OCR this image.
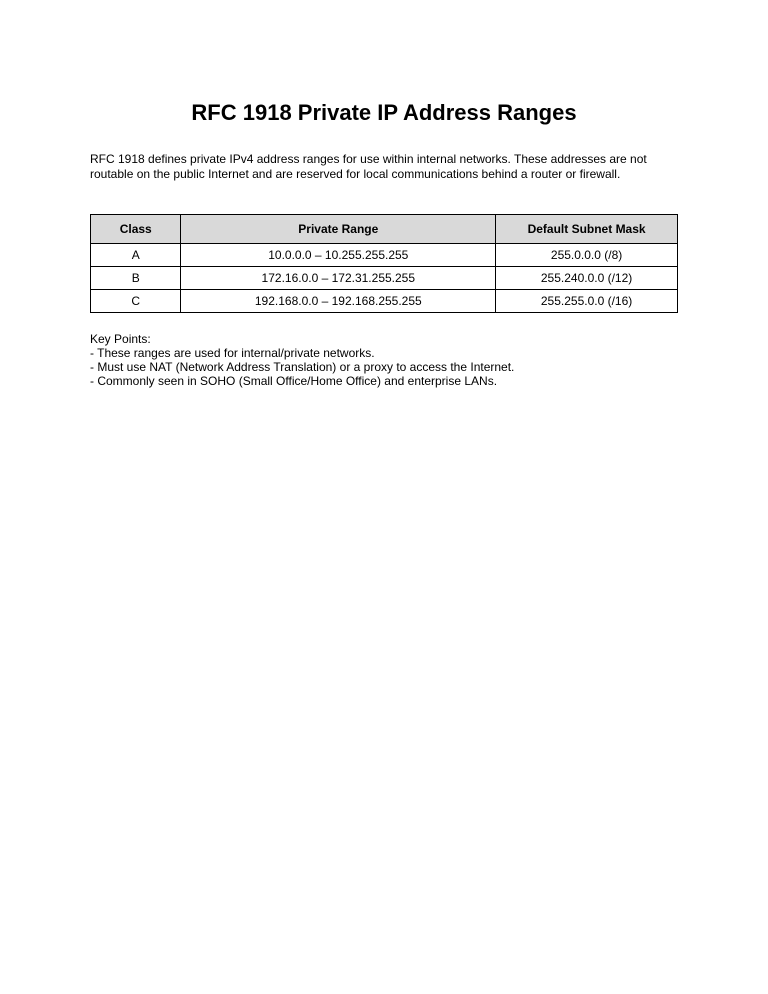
RFC 1918 Private IP Address Ranges

RFC 1918 defines private IPv4 address ranges for use within internal networks. These addresses are not routable on the public Internet and are reserved for local communications behind a router or firewall.

Class	Private Range	Default Subnet Mask
A	10.0.0.0 – 10.255.255.255	255.0.0.0 (/8)
B	172.16.0.0 – 172.31.255.255	255.240.0.0 (/12)
C	192.168.0.0 – 192.168.255.255	255.255.0.0 (/16)
Key Points:
- These ranges are used for internal/private networks.
- Must use NAT (Network Address Translation) or a proxy to access the Internet.
- Commonly seen in SOHO (Small Office/Home Office) and enterprise LANs.
